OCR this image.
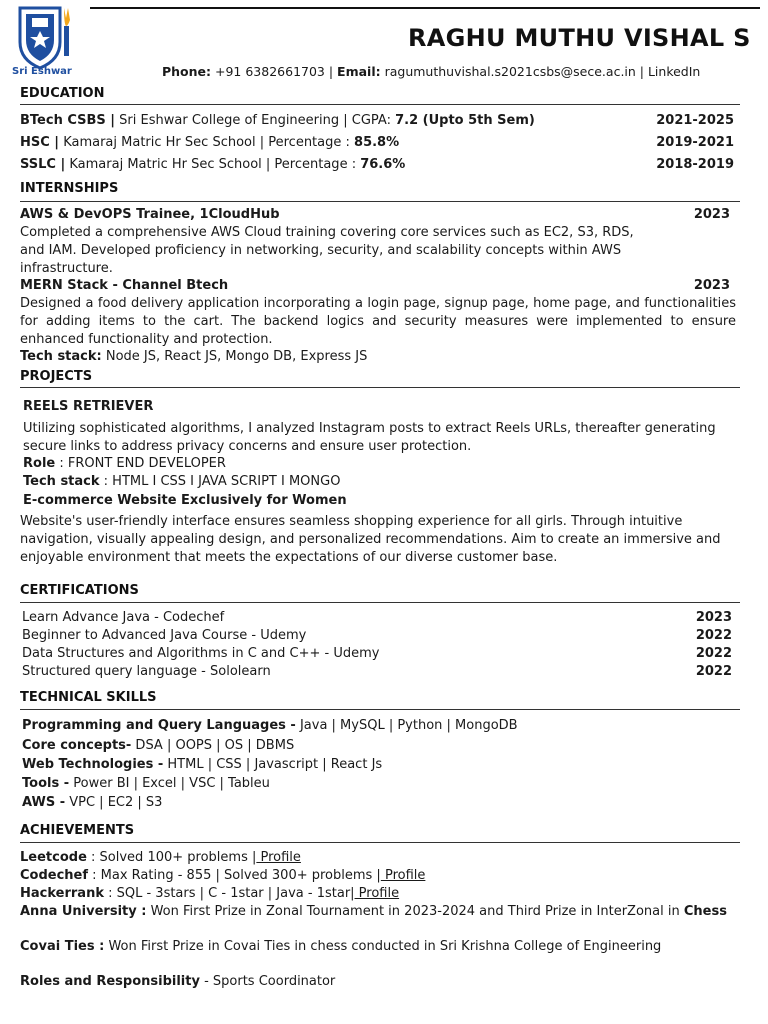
Sri Eshwar
RAGHU MUTHU VISHAL S
Phone: +91 6382661703 | Email: ragumuthuvishal.s2021csbs@sece.ac.in | LinkedIn
EDUCATION
BTech CSBS | Sri Eshwar College of Engineering | CGPA: 7.2 (Upto 5th Sem)	2021-2025
HSC | Kamaraj Matric Hr Sec School | Percentage : 85.8%	2019-2021
SSLC | Kamaraj Matric Hr Sec School | Percentage : 76.6%	2018-2019
INTERNSHIPS
AWS & DevOPS Trainee, 1CloudHub	2023
Completed a comprehensive AWS Cloud training covering core services such as EC2, S3, RDS, and IAM. Developed proficiency in networking, security, and scalability concepts within AWS infrastructure.
MERN Stack - Channel Btech	2023
Designed a food delivery application incorporating a login page, signup page, home page, and functionalities for adding items to the cart. The backend logics and security measures were implemented to ensure enhanced functionality and protection.
Tech stack: Node JS, React JS, Mongo DB, Express JS
PROJECTS
REELS RETRIEVER
Utilizing sophisticated algorithms, I analyzed Instagram posts to extract Reels URLs, thereafter generating secure links to address privacy concerns and ensure user protection.
Role : FRONT END DEVELOPER
Tech stack : HTML I CSS I JAVA SCRIPT I MONGO
E-commerce Website Exclusively for Women
Website's user-friendly interface ensures seamless shopping experience for all girls. Through intuitive navigation, visually appealing design, and personalized recommendations. Aim to create an immersive and enjoyable environment that meets the expectations of our diverse customer base.
CERTIFICATIONS
Learn Advance Java - Codechef	2023
Beginner to Advanced Java Course - Udemy	2022
Data Structures and Algorithms in C and C++ - Udemy	2022
Structured query language - Sololearn	2022
TECHNICAL SKILLS
Programming and Query Languages - Java | MySQL | Python | MongoDB
Core concepts- DSA | OOPS | OS | DBMS
Web Technologies - HTML | CSS | Javascript | React Js
Tools - Power BI | Excel | VSC | Tableu
AWS - VPC | EC2 | S3
ACHIEVEMENTS
Leetcode : Solved 100+ problems | Profile
Codechef : Max Rating - 855 | Solved 300+ problems | Profile
Hackerrank : SQL - 3stars | C - 1star | Java - 1star| Profile
Anna University : Won First Prize in Zonal Tournament in 2023-2024 and Third Prize in InterZonal in Chess
Covai Ties : Won First Prize in Covai Ties in chess conducted in Sri Krishna College of Engineering
Roles and Responsibility - Sports Coordinator
